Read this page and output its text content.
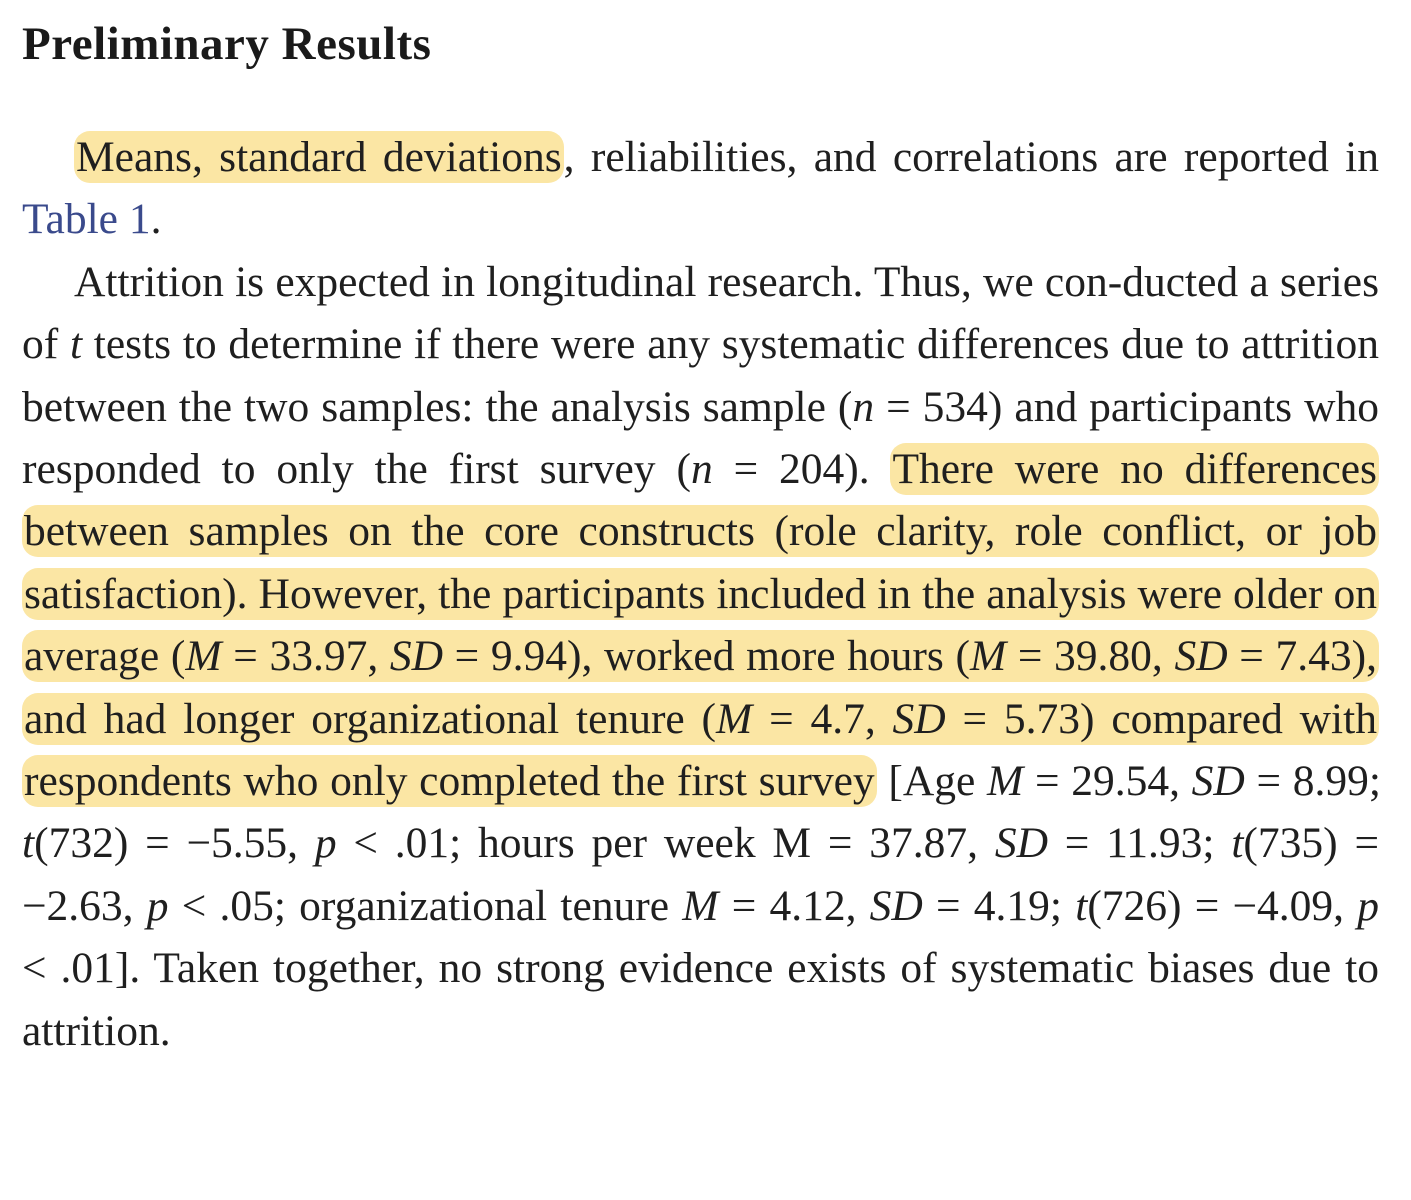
Preliminary Results

Means, standard deviations, reliabilities, and correlations are reported in Table 1.

Attrition is expected in longitudinal research. Thus, we con-ducted a series of t tests to determine if there were any systematic differences due to attrition between the two samples: the analysis sample (n = 534) and participants who responded to only the first survey (n = 204). There were no differences between samples on the core constructs (role clarity, role conflict, or job satisfaction). However, the participants included in the analysis were older on average (M = 33.97, SD = 9.94), worked more hours (M = 39.80, SD = 7.43), and had longer organizational tenure (M = 4.7, SD = 5.73) compared with respondents who only completed the first survey [Age M = 29.54, SD = 8.99; t(732) = −5.55, p < .01; hours per week M = 37.87, SD = 11.93; t(735) = −2.63, p < .05; organizational tenure M = 4.12, SD = 4.19; t(726) = −4.09, p < .01]. Taken together, no strong evidence exists of systematic biases due to attrition.
